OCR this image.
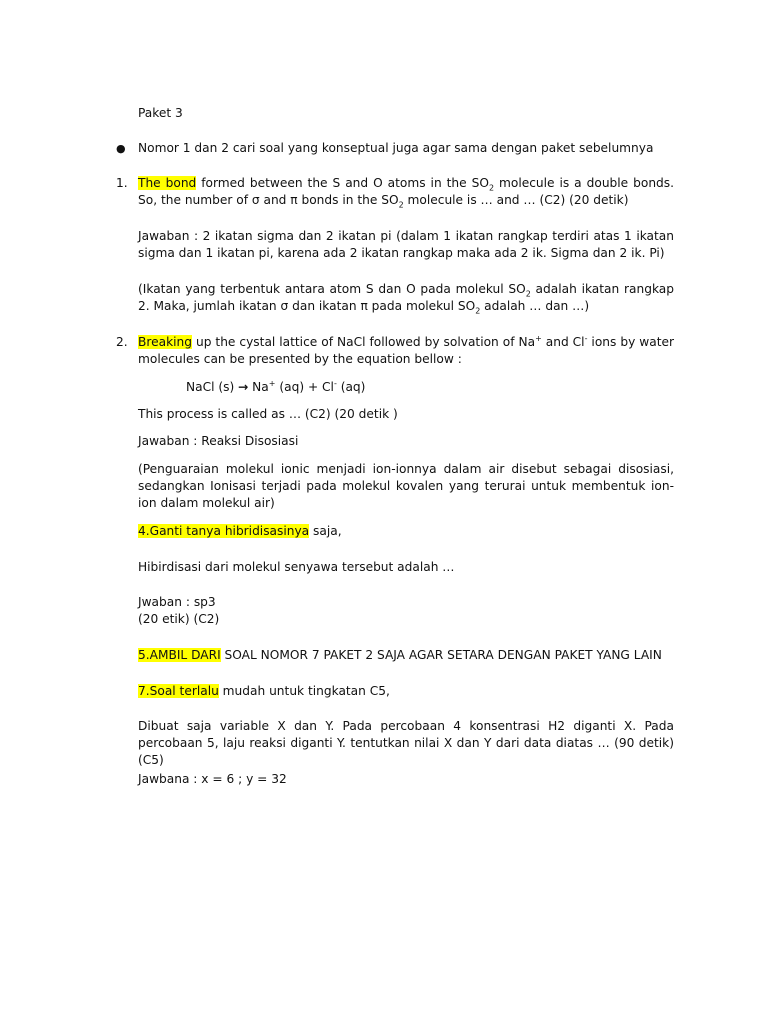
Paket 3
● Nomor 1 dan 2 cari soal yang konseptual juga agar sama dengan paket sebelumnya
1. The bond formed between the S and O atoms in the $SO_2$ molecule is a double bonds. So, the number of σ and π bonds in the $SO_2$ molecule is … and … (C2) (20 detik)
Jawaban : 2 ikatan sigma dan 2 ikatan pi (dalam 1 ikatan rangkap terdiri atas 1 ikatan sigma dan 1 ikatan pi, karena ada 2 ikatan rangkap maka ada 2 ik. Sigma dan 2 ik. Pi)
(Ikatan yang terbentuk antara atom S dan O pada molekul $SO_2$ adalah ikatan rangkap 2. Maka, jumlah ikatan σ dan ikatan π pada molekul $SO_2$ adalah … dan …)
2. Breaking up the cystal lattice of NaCl followed by solvation of Na+ and Cl- ions by water molecules can be presented by the equation bellow :
NaCl (s) → Na+ (aq) + Cl- (aq)
This process is called as … (C2) (20 detik )
Jawaban : Reaksi Disosiasi
(Penguaraian molekul ionic menjadi ion-ionnya dalam air disebut sebagai disosiasi, sedangkan Ionisasi terjadi pada molekul kovalen yang terurai untuk membentuk ion-ion dalam molekul air)
4.Ganti tanya hibridisasinya saja,
Hibirdisasi dari molekul senyawa tersebut adalah …
Jwaban : sp3
(20 etik) (C2)
5.AMBIL DARI SOAL NOMOR 7 PAKET 2 SAJA AGAR SETARA DENGAN PAKET YANG LAIN
7.Soal terlalu mudah untuk tingkatan C5,
Dibuat saja variable X dan Y. Pada percobaan 4 konsentrasi H2 diganti X. Pada percobaan 5, laju reaksi diganti Y. tentutkan nilai X dan Y dari data diatas … (90 detik) (C5)
Jawbana : x = 6 ; y = 32
